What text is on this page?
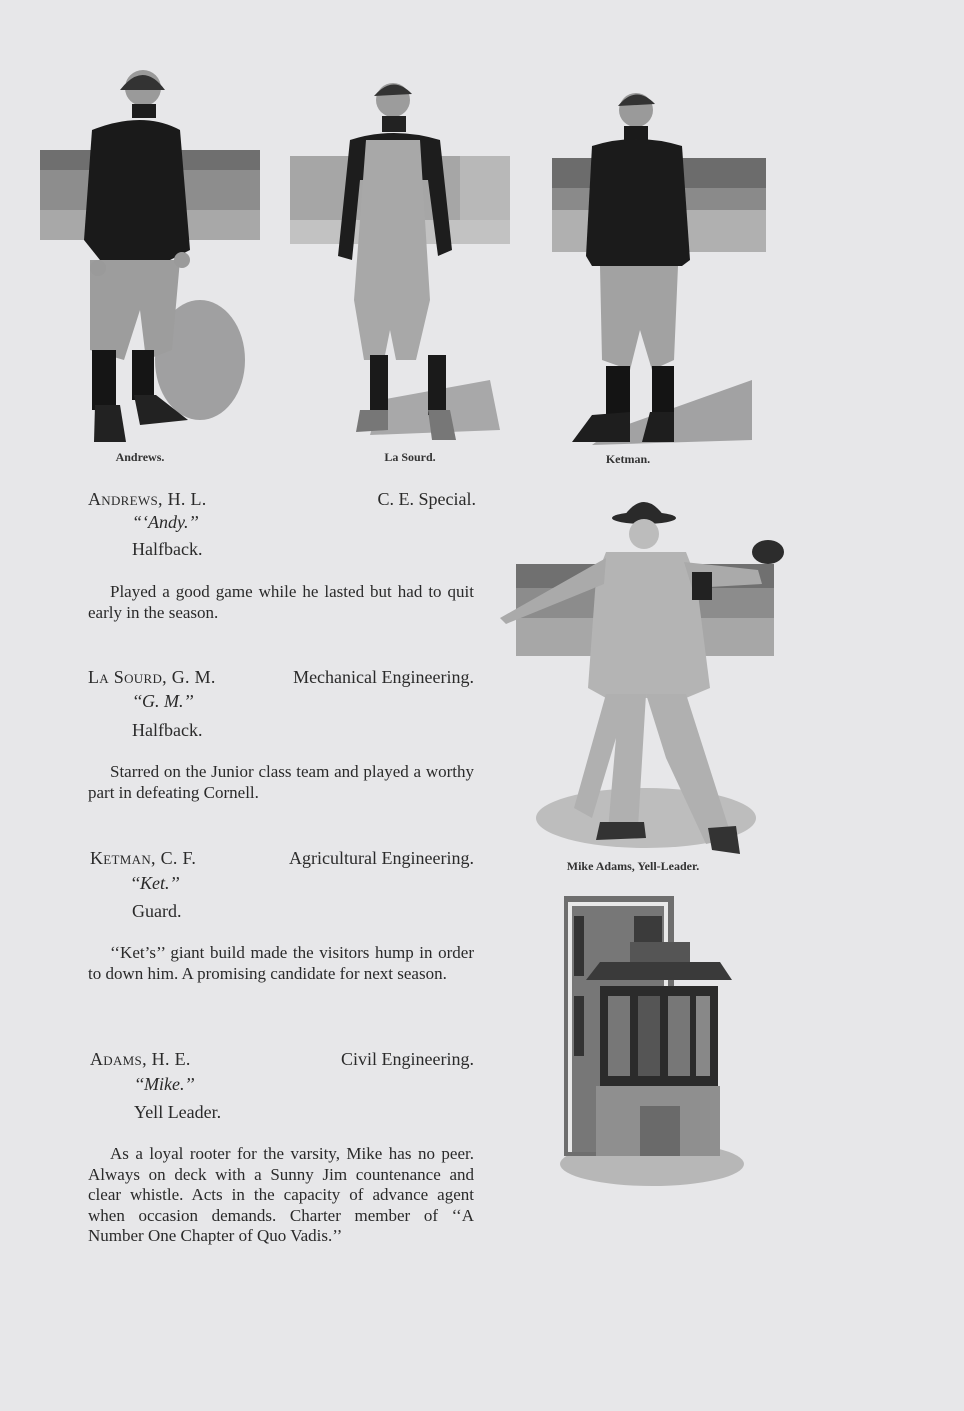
Andrews.	La Sourd.	Ketman.
Andrews, H. L.	C. E. Special.
“‘Andy.’’
Halfback.
Played a good game while he lasted but had to quit early in the season.
La Sourd, G. M.	Mechanical Engineering.
‘‘G. M.’’
Halfback.
Starred on the Junior class team and played a worthy part in defeating Cornell.
Ketman, C. F.	Agricultural Engineering.
‘‘Ket.’’
Guard.
‘‘Ket’s’’ giant build made the visitors hump in order to down him. A promising candidate for next season.
Adams, H. E.	Civil Engineering.
‘‘Mike.’’
Yell Leader.
As a loyal rooter for the varsity, Mike has no peer. Always on deck with a Sunny Jim countenance and clear whistle. Acts in the capacity of advance agent when occasion demands. Charter member of ‘‘A Number One Chapter of Quo Vadis.’’
Mike Adams, Yell-Leader.
